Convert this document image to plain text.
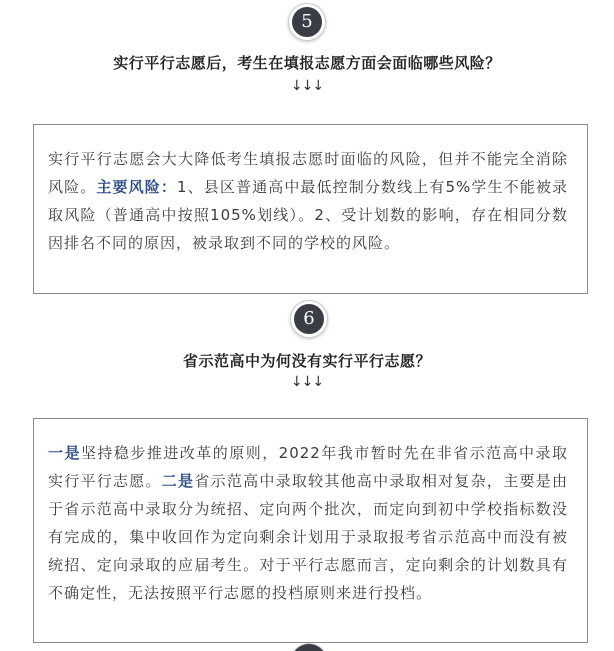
5
实行平行志愿后，考生在填报志愿方面会面临哪些风险？
↓↓↓

实行平行志愿会大大降低考生填报志愿时面临的风险，但并不能完全消除风险。主要风险：1、县区普通高中最低控制分数线上有5%学生不能被录取风险（普通高中按照105%划线）。2、受计划数的影响，存在相同分数因排名不同的原因，被录取到不同的学校的风险。

6
省示范高中为何没有实行平行志愿？
↓↓↓

一是坚持稳步推进改革的原则，2022年我市暂时先在非省示范高中录取实行平行志愿。二是省示范高中录取较其他高中录取相对复杂，主要是由于省示范高中录取分为统招、定向两个批次，而定向到初中学校指标数没有完成的，集中收回作为定向剩余计划用于录取报考省示范高中而没有被统招、定向录取的应届考生。对于平行志愿而言，定向剩余的计划数具有不确定性，无法按照平行志愿的投档原则来进行投档。
